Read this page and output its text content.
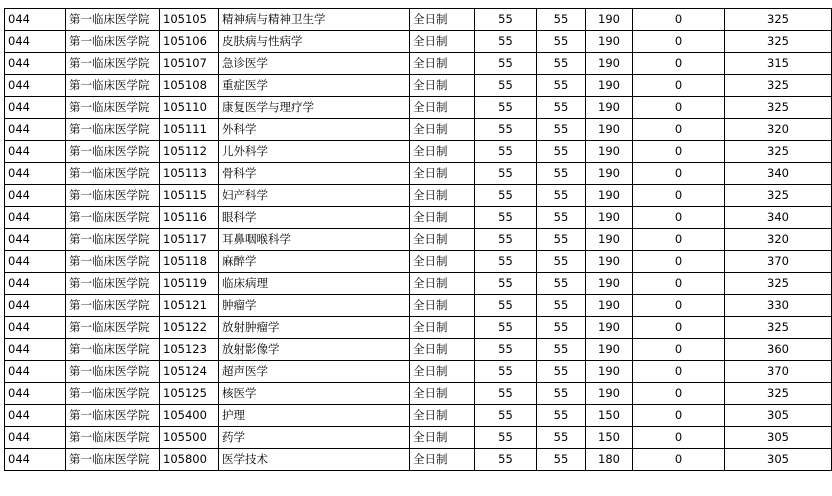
044	第一临床医学院	105105	精神病与精神卫生学	全日制	55	55	190	0	325
044	第一临床医学院	105106	皮肤病与性病学	全日制	55	55	190	0	325
044	第一临床医学院	105107	急诊医学	全日制	55	55	190	0	315
044	第一临床医学院	105108	重症医学	全日制	55	55	190	0	325
044	第一临床医学院	105110	康复医学与理疗学	全日制	55	55	190	0	325
044	第一临床医学院	105111	外科学	全日制	55	55	190	0	320
044	第一临床医学院	105112	儿外科学	全日制	55	55	190	0	325
044	第一临床医学院	105113	骨科学	全日制	55	55	190	0	340
044	第一临床医学院	105115	妇产科学	全日制	55	55	190	0	325
044	第一临床医学院	105116	眼科学	全日制	55	55	190	0	340
044	第一临床医学院	105117	耳鼻咽喉科学	全日制	55	55	190	0	320
044	第一临床医学院	105118	麻醉学	全日制	55	55	190	0	370
044	第一临床医学院	105119	临床病理	全日制	55	55	190	0	325
044	第一临床医学院	105121	肿瘤学	全日制	55	55	190	0	330
044	第一临床医学院	105122	放射肿瘤学	全日制	55	55	190	0	325
044	第一临床医学院	105123	放射影像学	全日制	55	55	190	0	360
044	第一临床医学院	105124	超声医学	全日制	55	55	190	0	370
044	第一临床医学院	105125	核医学	全日制	55	55	190	0	325
044	第一临床医学院	105400	护理	全日制	55	55	150	0	305
044	第一临床医学院	105500	药学	全日制	55	55	150	0	305
044	第一临床医学院	105800	医学技术	全日制	55	55	180	0	305
